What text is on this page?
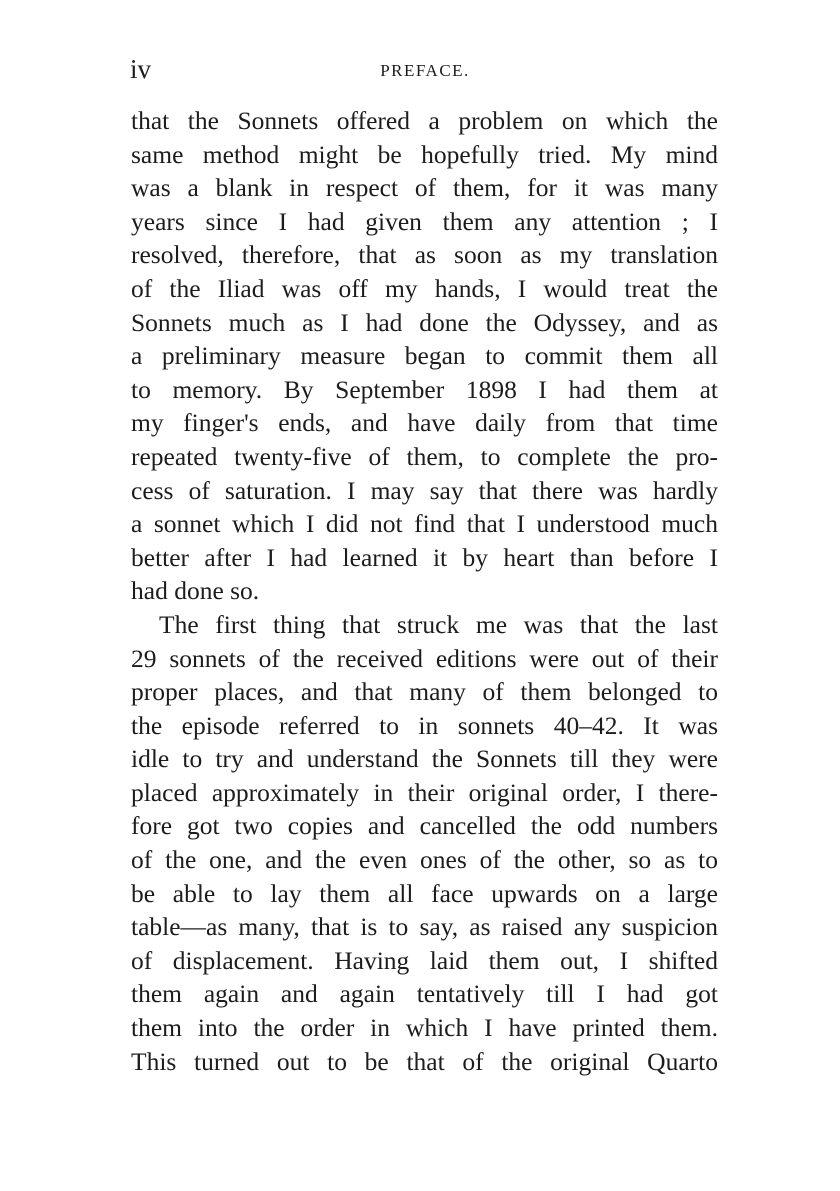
iv	PREFACE.
that the Sonnets offered a problem on which the
same method might be hopefully tried. My mind
was a blank in respect of them, for it was many
years since I had given them any attention ; I
resolved, therefore, that as soon as my translation
of the Iliad was off my hands, I would treat the
Sonnets much as I had done the Odyssey, and as
a preliminary measure began to commit them all
to memory. By September 1898 I had them at
my finger's ends, and have daily from that time
repeated twenty-five of them, to complete the pro-
cess of saturation. I may say that there was hardly
a sonnet which I did not find that I understood much
better after I had learned it by heart than before I
had done so.
The first thing that struck me was that the last
29 sonnets of the received editions were out of their
proper places, and that many of them belonged to
the episode referred to in sonnets 40–42. It was
idle to try and understand the Sonnets till they were
placed approximately in their original order, I there-
fore got two copies and cancelled the odd numbers
of the one, and the even ones of the other, so as to
be able to lay them all face upwards on a large
table—as many, that is to say, as raised any suspicion
of displacement. Having laid them out, I shifted
them again and again tentatively till I had got
them into the order in which I have printed them.
This turned out to be that of the original Quarto
